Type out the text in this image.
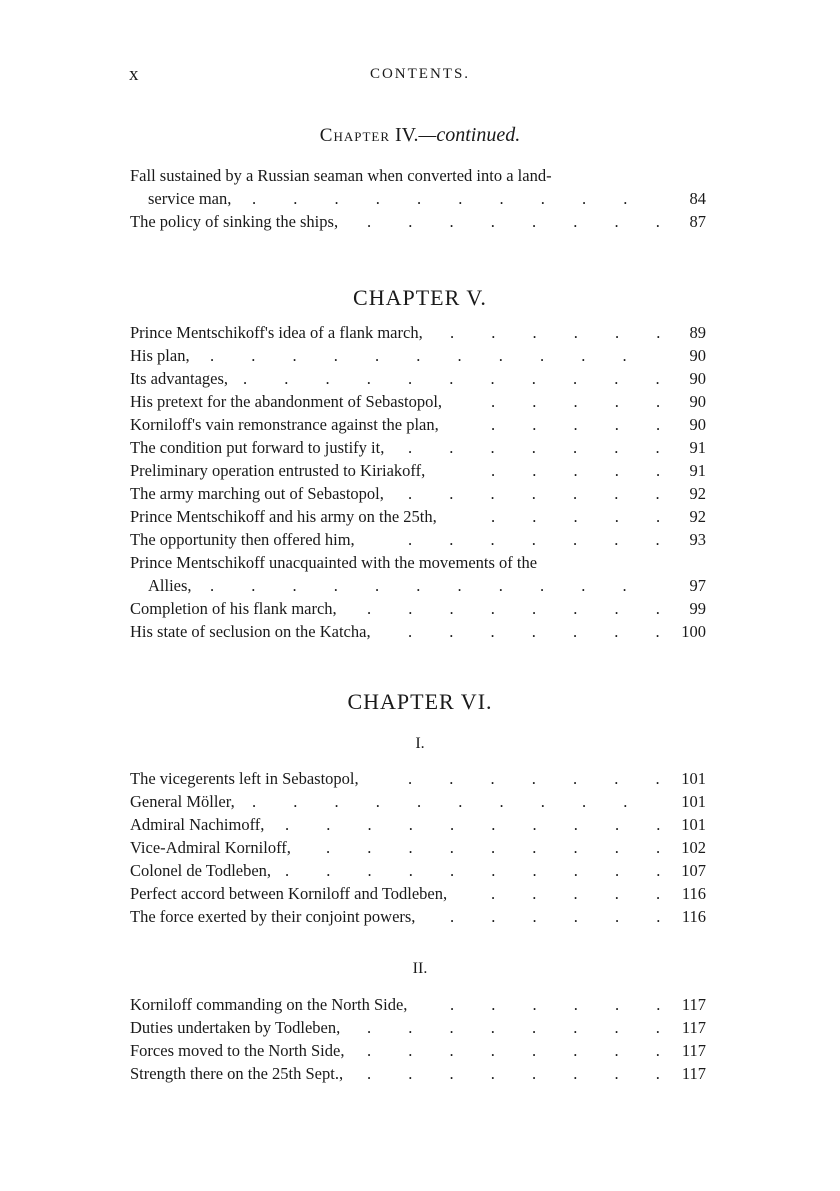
x	CONTENTS.
Chapter IV.—continued.
Fall sustained by a Russian seaman when converted into a land-
service man, .    .    .    .    .    .    .    .    .    .   	84
The policy of sinking the ships, .    .    .    .    .    .    .    .	87
CHAPTER V.
Prince Mentschikoff's idea of a flank march, .    .    .    .    .    .	89
His plan, .    .    .    .    .    .    .    .    .    .    .   	90
Its advantages, .    .    .    .    .    .    .    .    .    .    .	90
His pretext for the abandonment of Sebastopol,	.    .    .    .    .	90
Korniloff's vain remonstrance against the plan,	.    .    .    .    .	90
The condition put forward to justify it, .    .    .    .    .    .    .	91
Preliminary operation entrusted to Kiriakoff,	.    .    .    .    .	91
The army marching out of Sebastopol, .    .    .    .    .    .    .	92
Prince Mentschikoff and his army on the 25th,	.    .    .    .    .	92
The opportunity then offered him,	.    .    .    .    .    .    .	93
Prince Mentschikoff unacquainted with the movements of the
Allies, .    .    .    .    .    .    .    .    .    .    .   	97
Completion of his flank march, .    .    .    .    .    .    .    .	99
His state of seclusion on the Katcha, .    .    .    .    .    .    .	100
CHAPTER VI.
I.
The vicegerents left in Sebastopol,	.    .    .    .    .    .    .	101
General Möller, .    .    .    .    .    .    .    .    .    .   	101
Admiral Nachimoff, .    .    .    .    .    .    .    .    .    .	101
Vice-Admiral Korniloff, .    .    .    .    .    .    .    .    .	102
Colonel de Todleben, .    .    .    .    .    .    .    .    .    .	107
Perfect accord between Korniloff and Todleben,	.    .    .    .    .	116
The force exerted by their conjoint powers, .    .    .    .    .    .	116
II.
Korniloff commanding on the North Side,	.    .    .    .    .    .	117
Duties undertaken by Todleben, .    .    .    .    .    .    .    .	117
Forces moved to the North Side, .    .    .    .    .    .    .    .	117
Strength there on the 25th Sept., .    .    .    .    .    .    .    .	117
